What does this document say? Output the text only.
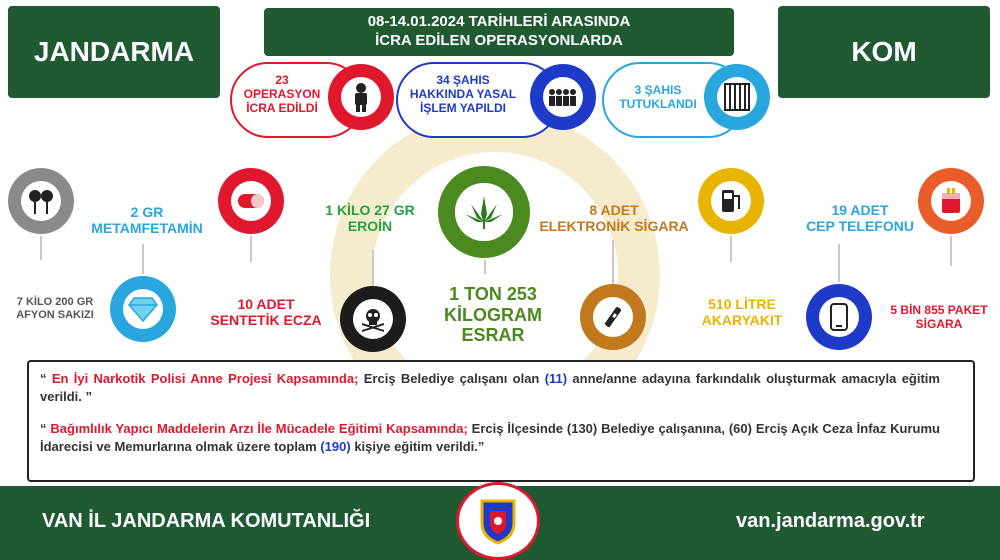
JANDARMA	KOM
08-14.01.2024 TARİHLERİ ARASINDA
İCRA EDİLEN OPERASYONLARDA
23
OPERASYON
İCRA EDİLDİ
34 ŞAHIS
HAKKINDA YASAL
İŞLEM YAPILDI
3 ŞAHIS
TUTUKLANDI
2 GR
METAMFETAMİN
1 KİLO 27 GR
EROİN
8 ADET
ELEKTRONİK SİGARA
19 ADET
CEP TELEFONU
7 KİLO 200 GR
AFYON SAKIZI
10 ADET
SENTETİK ECZA
1 TON 253
KİLOGRAM
ESRAR
510 LİTRE
AKARYAKIT
5 BİN 855 PAKET
SİGARA
“ En İyi Narkotik Polisi Anne Projesi Kapsamında; Erciş Belediye çalışanı olan (11) anne/anne adayına farkındalık oluşturmak amacıyla eğitim verildi. ”
“ Bağımlılık Yapıcı Maddelerin Arzı İle Mücadele Eğitimi Kapsamında; Erciş İlçesinde (130) Belediye çalışanına, (60) Erciş Açık Ceza İnfaz Kurumu İdarecisi ve Memurlarına olmak üzere toplam (190) kişiye eğitim verildi.”
VAN İL JANDARMA KOMUTANLIĞI	van.jandarma.gov.tr
